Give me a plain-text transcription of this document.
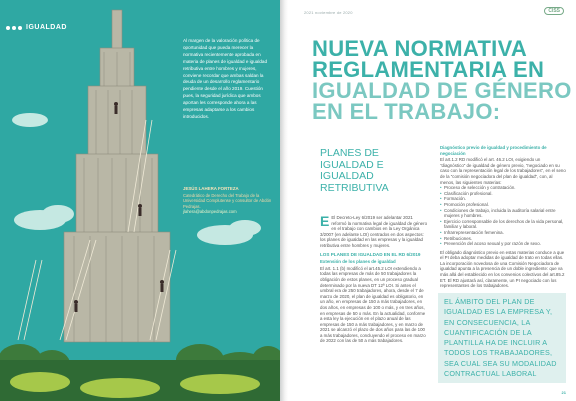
IGUALDAD

Al margen de la valoración política de oportunidad que pueda merecer la normativa recientemente aprobada en materia de planes de igualdad e igualdad retributiva entre hombres y mujeres, conviene recordar que ambas saldan la deuda de un desarrollo reglamentario pendiente desde el año 2019. Cuestión pues, la seguridad jurídica que ambos aportan les corresponde ahora a las empresas adaptarse a los cambios introducidos.

JESÚS LAHERA FORTEZA
Catedrático de Derecho del Trabajo de la Universidad Complutense y consultor de Abdón Pedrajas.
jlahera@abdonpedrajas.com
2021 noviembre de 2020	CISS
NUEVA NORMATIVA
REGLAMENTARIA EN
IGUALDAD DE GÉNERO
EN EL TRABAJO:
PLANES DE IGUALDAD E IGUALDAD RETRIBUTIVA

E El Decreto-Ley 6/2019 ser adelantar 2021 reformó la normativa legal de igualdad de género en el trabajo con cambios en la Ley Orgánica 3/2007 (en adelante LOI) centrados en dos aspectos: los planes de igualdad en las empresas y la igualdad retributiva entre hombres y mujeres.

LOS PLANES DE IGUALDAD EN EL RD 6/2019
Extensión de los planes de igualdad

El art. 1.1 (b) modificó el art.45.2 LOI extendiendo a todas las empresas de más de 50 trabajadores la obligación de estos planes, en un proceso gradual determinado por la nueva DT 12ª LOI. Si antes el umbral era de 250 trabajadores, ahora, desde el 7 de marzo de 2020, el plan de igualdad es obligatorio, en un año, en empresas de 150 a más trabajadores, en dos años, en empresas de 100 o más, y en tres años, en empresas de 50 o más. En la actualidad, conforme a esta ley la ejecución en el plazo anual de las empresas de 150 a más trabajadores, y en marzo de 2021 se alcanzó el plazo de dos años para las de 100 a más trabajadores, concluyendo el proceso en marzo de 2022 con las de 50 a más trabajadores.

Diagnóstico previo de igualdad y procedimiento de negociación

El art.1.2 RD modificó el art. 46.2 LOI, exigiendo un "diagnóstico" de igualdad de género previo, "negociado en su caso con la representación legal de los trabajadores", en el seno de la "comisión negociadora del plan de igualdad", con, al menos, las siguientes materias:

• Proceso de selección y contratación.
• Clasificación profesional.
• Formación.
• Promoción profesional.
• Condiciones de trabajo, incluida la auditoría salarial entre mujeres y hombres.
• Ejercicio corresponsable de los derechos de la vida personal, familiar y laboral.
• Infrarrepresentación femenina.
• Retribuciones.
• Prevención del acoso sexual y por razón de sexo.

El obligado diagnóstico previo en estas materias conduce a que el PI deba adoptar medidas de igualdad de trato en todas ellas. La incorporación novedosa de una Comisión Negociadora de igualdad apunta a la presencia de un doble ingrediente: que va más allá del establecido en los convenios colectivos del art.85.2 ET. El RD ajustará así, claramente, un PI negociado con los representantes de los trabajadores.

EL ÁMBITO DEL PLAN DE IGUALDAD ES LA EMPRESA Y, EN CONSECUENCIA, LA CUANTIFICACIÓN DE LA PLANTILLA HA DE INCLUIR A TODOS LOS TRABAJADORES, SEA CUAL SEA SU MODALIDAD CONTRACTUAL LABORAL
21
